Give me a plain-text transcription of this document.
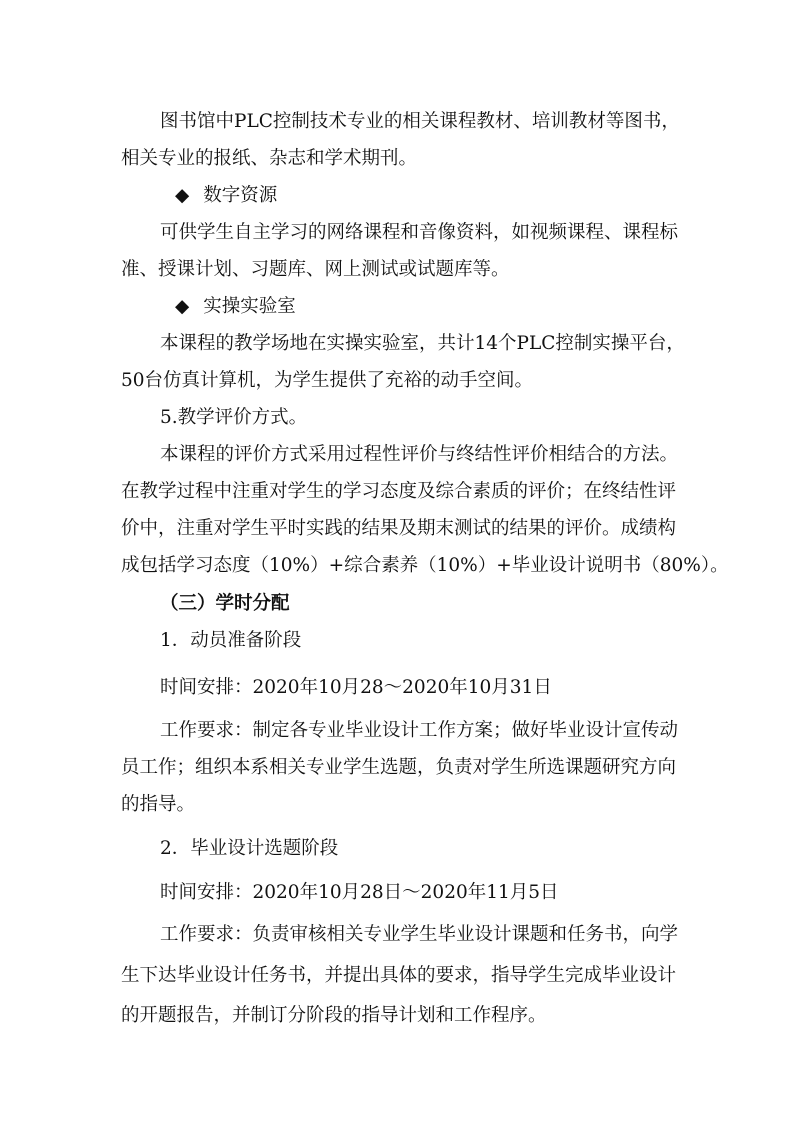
图书馆中PLC控制技术专业的相关课程教材、培训教材等图书，
相关专业的报纸、杂志和学术期刊。
◆ 数字资源
可供学生自主学习的网络课程和音像资料，如视频课程、课程标
准、授课计划、习题库、网上测试或试题库等。
◆ 实操实验室
本课程的教学场地在实操实验室，共计14个PLC控制实操平台，
50台仿真计算机，为学生提供了充裕的动手空间。
5.教学评价方式。
本课程的评价方式采用过程性评价与终结性评价相结合的方法。
在教学过程中注重对学生的学习态度及综合素质的评价；在终结性评
价中，注重对学生平时实践的结果及期末测试的结果的评价。成绩构
成包括学习态度（10%）+综合素养（10%）+毕业设计说明书（80%）。
（三）学时分配
1．动员准备阶段
时间安排：2020年10月28～2020年10月31日
工作要求：制定各专业毕业设计工作方案；做好毕业设计宣传动
员工作；组织本系相关专业学生选题，负责对学生所选课题研究方向
的指导。
2．毕业设计选题阶段
时间安排：2020年10月28日～2020年11月5日
工作要求：负责审核相关专业学生毕业设计课题和任务书，向学
生下达毕业设计任务书，并提出具体的要求，指导学生完成毕业设计
的开题报告，并制订分阶段的指导计划和工作程序。
